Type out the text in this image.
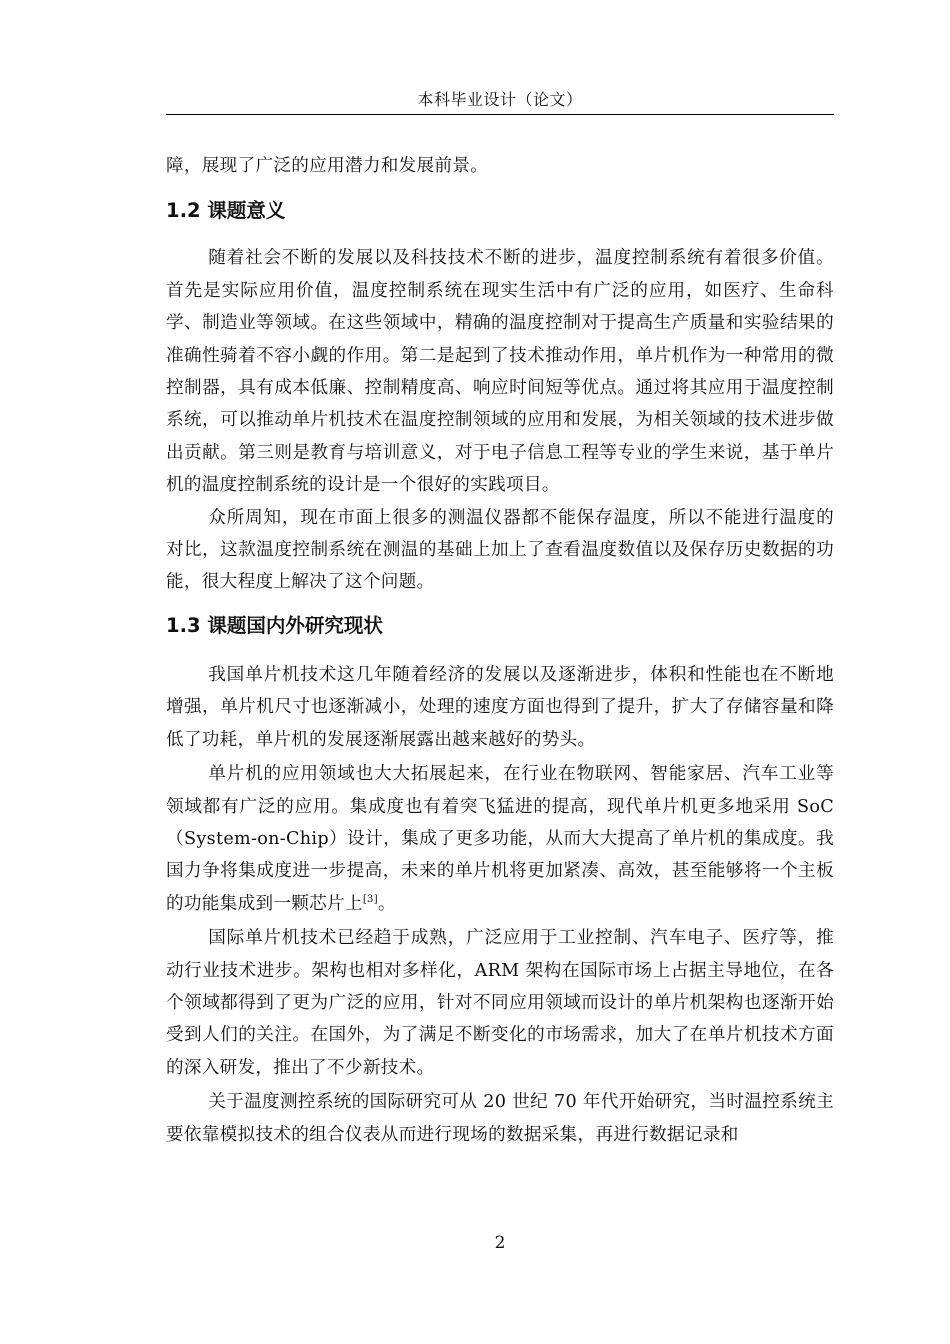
本科毕业设计（论文）

障，展现了广泛的应用潜力和发展前景。

1.2 课题意义

随着社会不断的发展以及科技技术不断的进步，温度控制系统有着很多价值。首先是实际应用价值，温度控制系统在现实生活中有广泛的应用，如医疗、生命科学、制造业等领域。在这些领域中，精确的温度控制对于提高生产质量和实验结果的准确性骑着不容小觑的作用。第二是起到了技术推动作用，单片机作为一种常用的微控制器，具有成本低廉、控制精度高、响应时间短等优点。通过将其应用于温度控制系统，可以推动单片机技术在温度控制领域的应用和发展，为相关领域的技术进步做出贡献。第三则是教育与培训意义，对于电子信息工程等专业的学生来说，基于单片机的温度控制系统的设计是一个很好的实践项目。

众所周知，现在市面上很多的测温仪器都不能保存温度，所以不能进行温度的对比，这款温度控制系统在测温的基础上加上了查看温度数值以及保存历史数据的功能，很大程度上解决了这个问题。

1.3 课题国内外研究现状

我国单片机技术这几年随着经济的发展以及逐渐进步，体积和性能也在不断地增强，单片机尺寸也逐渐减小，处理的速度方面也得到了提升，扩大了存储容量和降低了功耗，单片机的发展逐渐展露出越来越好的势头。

单片机的应用领域也大大拓展起来，在行业在物联网、智能家居、汽车工业等领域都有广泛的应用。集成度也有着突飞猛进的提高，现代单片机更多地采用 SoC（System-on-Chip）设计，集成了更多功能，从而大大提高了单片机的集成度。我国力争将集成度进一步提高，未来的单片机将更加紧凑、高效，甚至能够将一个主板的功能集成到一颗芯片上[3]。

国际单片机技术已经趋于成熟，广泛应用于工业控制、汽车电子、医疗等，推动行业技术进步。架构也相对多样化，ARM 架构在国际市场上占据主导地位，在各个领域都得到了更为广泛的应用，针对不同应用领域而设计的单片机架构也逐渐开始受到人们的关注。在国外，为了满足不断变化的市场需求，加大了在单片机技术方面的深入研发，推出了不少新技术。

关于温度测控系统的国际研究可从 20 世纪 70 年代开始研究，当时温控系统主要依靠模拟技术的组合仪表从而进行现场的数据采集，再进行数据记录和

2
